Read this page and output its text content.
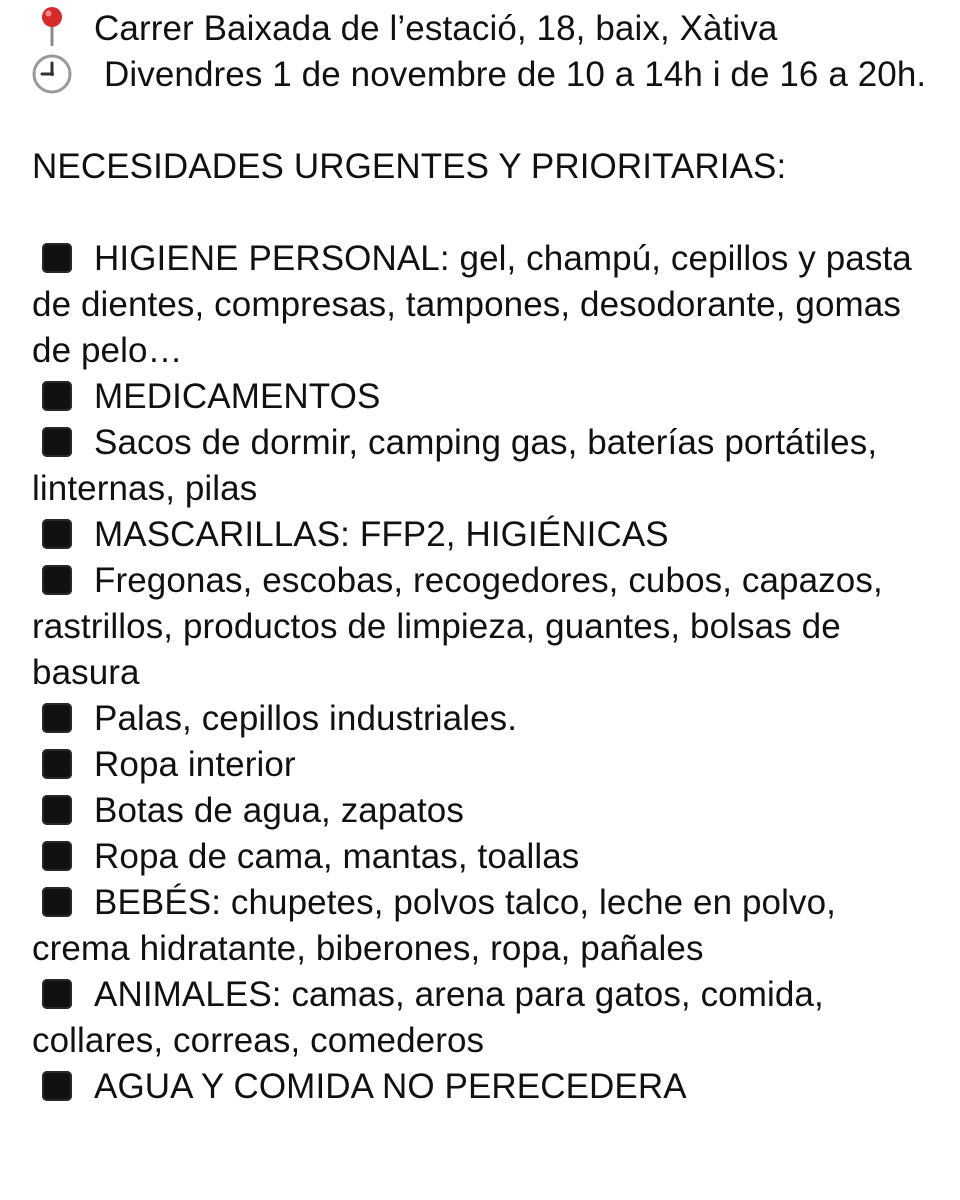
Carrer Baixada de l’estació, 18, baix, Xàtiva
Divendres 1 de novembre de 10 a 14h i de 16 a 20h.
NECESIDADES URGENTES Y PRIORITARIAS:
HIGIENE PERSONAL: gel, champú, cepillos y pasta de dientes, compresas, tampones, desodorante, gomas de pelo…
MEDICAMENTOS
Sacos de dormir, camping gas, baterías portátiles, linternas, pilas
MASCARILLAS: FFP2, HIGIÉNICAS
Fregonas, escobas, recogedores, cubos, capazos, rastrillos, productos de limpieza, guantes, bolsas de basura
Palas, cepillos industriales.
Ropa interior
Botas de agua, zapatos
Ropa de cama, mantas, toallas
BEBÉS: chupetes, polvos talco, leche en polvo, crema hidratante, biberones, ropa, pañales
ANIMALES: camas, arena para gatos, comida, collares, correas, comederos
AGUA Y COMIDA NO PERECEDERA
